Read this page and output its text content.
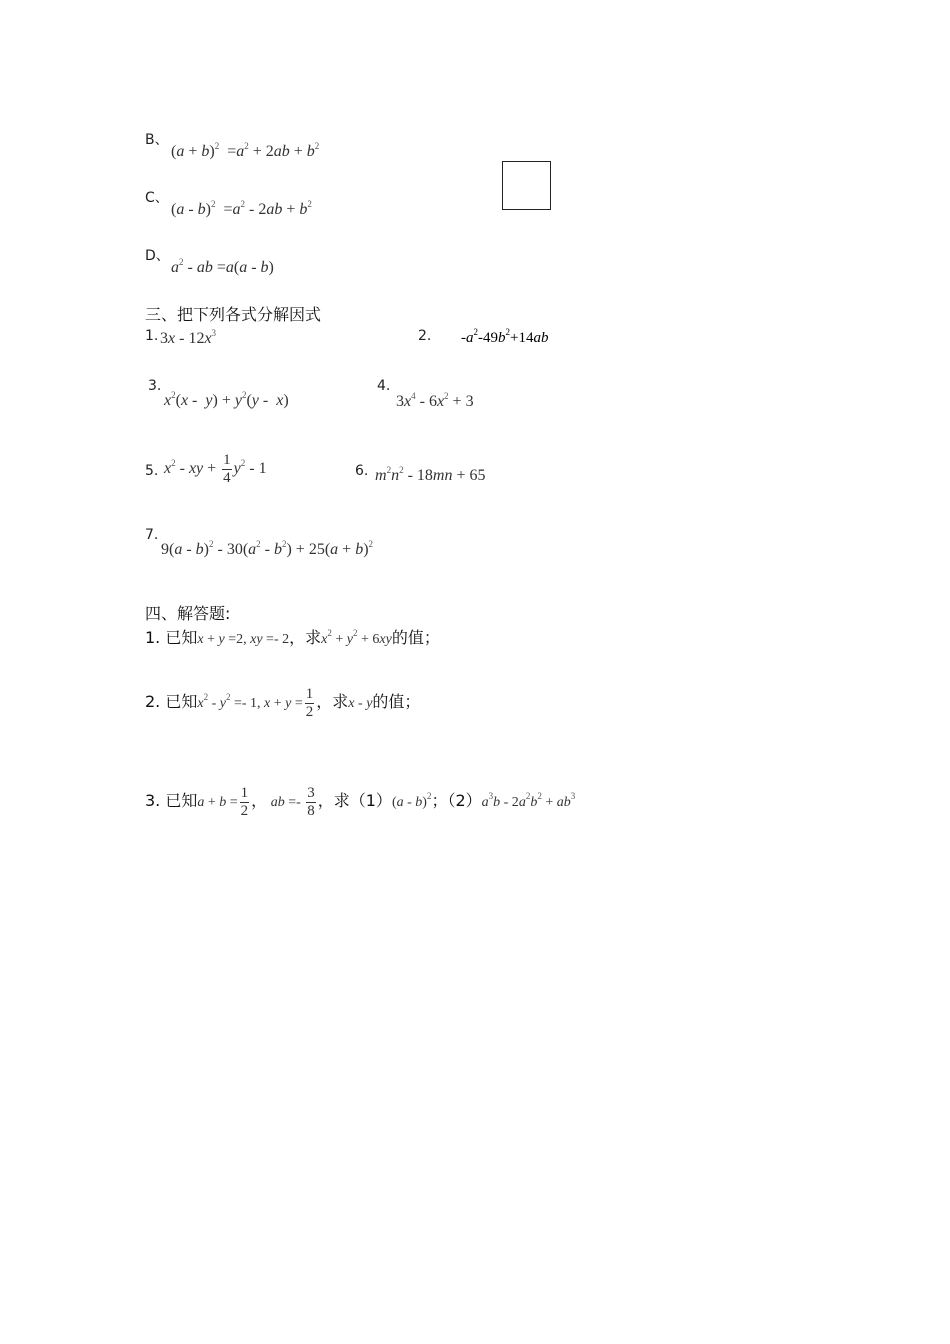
B、
$(a + b)^2 =a^2 + 2ab + b^2$
C、
$(a - b)^2 =a^2 - 2ab + b^2$
D、
$a^2$ - ab =a(a - b)
三、把下列各式分解因式
1. $3x - 12x^3$	2. $-a^2-49b^2+14ab$
3.
$x^2(x - y) + y^2(y - x)$
4.
$3x^4 - 6x^2 + 3$
5. $x^2$ - xy + $\frac{1}{4} y^2 - 1$	6. $m^2n^2 - 18mn + 65$
7.
$9(a - b)^2 - 30(a^2 - b^2) + 25(a + b)^2$
四、解答题:
1. 已知x + y =2, xy =- 2，求$x^2 + y^2 + 6xy$的值；
2. 已知$x^2 - y^2 =- 1$, $x + y = \frac{1}{2}$ ，求x - y的值；
3. 已知$a + b = \frac{1}{2}$ ， ab =- $\frac{3}{8}$ ，求（1）(a - b)$^2$；$(2)a^3b - 2a^2b^2 + ab^3$
